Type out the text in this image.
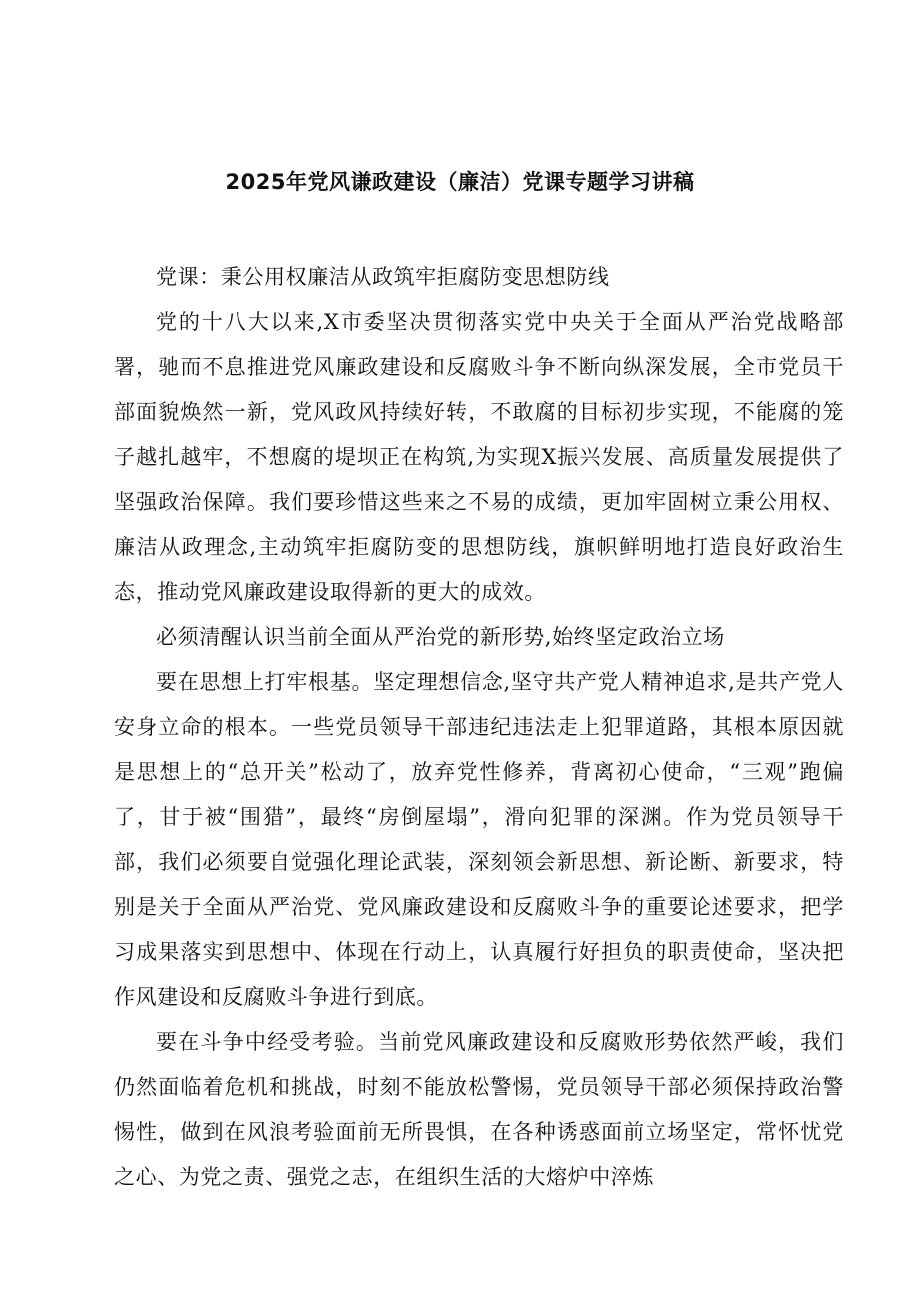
2025年党风谦政建设（廉洁）党课专题学习讲稿

党课：秉公用权廉洁从政筑牢拒腐防变思想防线

党的十八大以来,X市委坚决贯彻落实党中央关于全面从严治党战略部署，驰而不息推进党风廉政建设和反腐败斗争不断向纵深发展，全市党员干部面貌焕然一新，党风政风持续好转，不敢腐的目标初步实现，不能腐的笼子越扎越牢，不想腐的堤坝正在构筑,为实现X振兴发展、高质量发展提供了坚强政治保障。我们要珍惜这些来之不易的成绩，更加牢固树立秉公用权、廉洁从政理念,主动筑牢拒腐防变的思想防线，旗帜鲜明地打造良好政治生态，推动党风廉政建设取得新的更大的成效。

必须清醒认识当前全面从严治党的新形势,始终坚定政治立场

要在思想上打牢根基。坚定理想信念,坚守共产党人精神追求,是共产党人安身立命的根本。一些党员领导干部违纪违法走上犯罪道路，其根本原因就是思想上的“总开关”松动了，放弃党性修养，背离初心使命，“三观”跑偏了，甘于被“围猎”，最终“房倒屋塌”，滑向犯罪的深渊。作为党员领导干部，我们必须要自觉强化理论武装，深刻领会新思想、新论断、新要求，特别是关于全面从严治党、党风廉政建设和反腐败斗争的重要论述要求，把学习成果落实到思想中、体现在行动上，认真履行好担负的职责使命，坚决把作风建设和反腐败斗争进行到底。

要在斗争中经受考验。当前党风廉政建设和反腐败形势依然严峻，我们仍然面临着危机和挑战，时刻不能放松警惕，党员领导干部必须保持政治警惕性，做到在风浪考验面前无所畏惧，在各种诱惑面前立场坚定，常怀忧党之心、为党之责、强党之志，在组织生活的大熔炉中淬炼
